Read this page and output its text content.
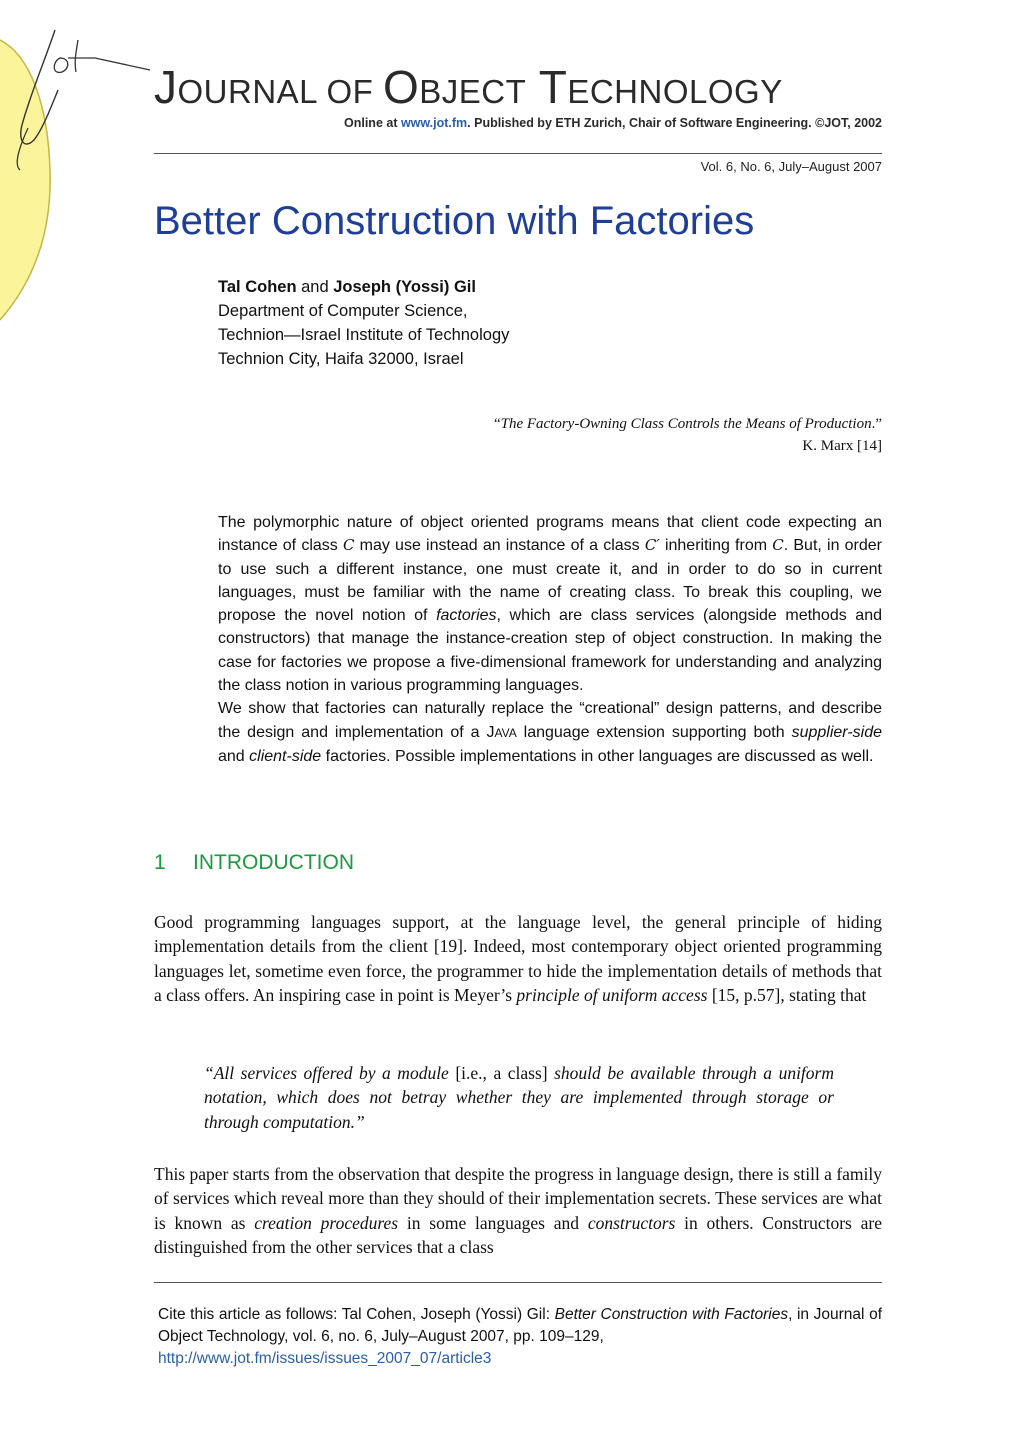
JOURNAL OF OBJECT TECHNOLOGY
Online at www.jot.fm. Published by ETH Zurich, Chair of Software Engineering. ©JOT, 2002
Vol. 6, No. 6, July–August 2007
Better Construction with Factories
Tal Cohen and Joseph (Yossi) Gil
Department of Computer Science,
Technion—Israel Institute of Technology
Technion City, Haifa 32000, Israel
“The Factory-Owning Class Controls the Means of Production.”
K. Marx [14]

The polymorphic nature of object oriented programs means that client code expecting an instance of class C may use instead an instance of a class C′ inheriting from C. But, in order to use such a different instance, one must create it, and in order to do so in current languages, must be familiar with the name of creating class. To break this coupling, we propose the novel notion of factories, which are class services (alongside methods and constructors) that manage the instance-creation step of object construction. In making the case for factories we propose a five-dimensional framework for understanding and analyzing the class notion in various programming languages.

We show that factories can naturally replace the “creational” design patterns, and describe the design and implementation of a JAVA language extension supporting both supplier-side and client-side factories. Possible implementations in other languages are discussed as well.

1 INTRODUCTION
Good programming languages support, at the language level, the general principle of hiding implementation details from the client [19]. Indeed, most contemporary object oriented programming languages let, sometime even force, the programmer to hide the implementation details of methods that a class offers. An inspiring case in point is Meyer’s principle of uniform access [15, p.57], stating that
“All services offered by a module [i.e., a class] should be available through a uniform notation, which does not betray whether they are implemented through storage or through computation.”
This paper starts from the observation that despite the progress in language design, there is still a family of services which reveal more than they should of their implementation secrets. These services are what is known as creation procedures in some languages and constructors in others. Constructors are distinguished from the other services that a class
Cite this article as follows: Tal Cohen, Joseph (Yossi) Gil: Better Construction with Factories, in Journal of Object Technology, vol. 6, no. 6, July–August 2007, pp. 109–129,
http://www.jot.fm/issues/issues_2007_07/article3
